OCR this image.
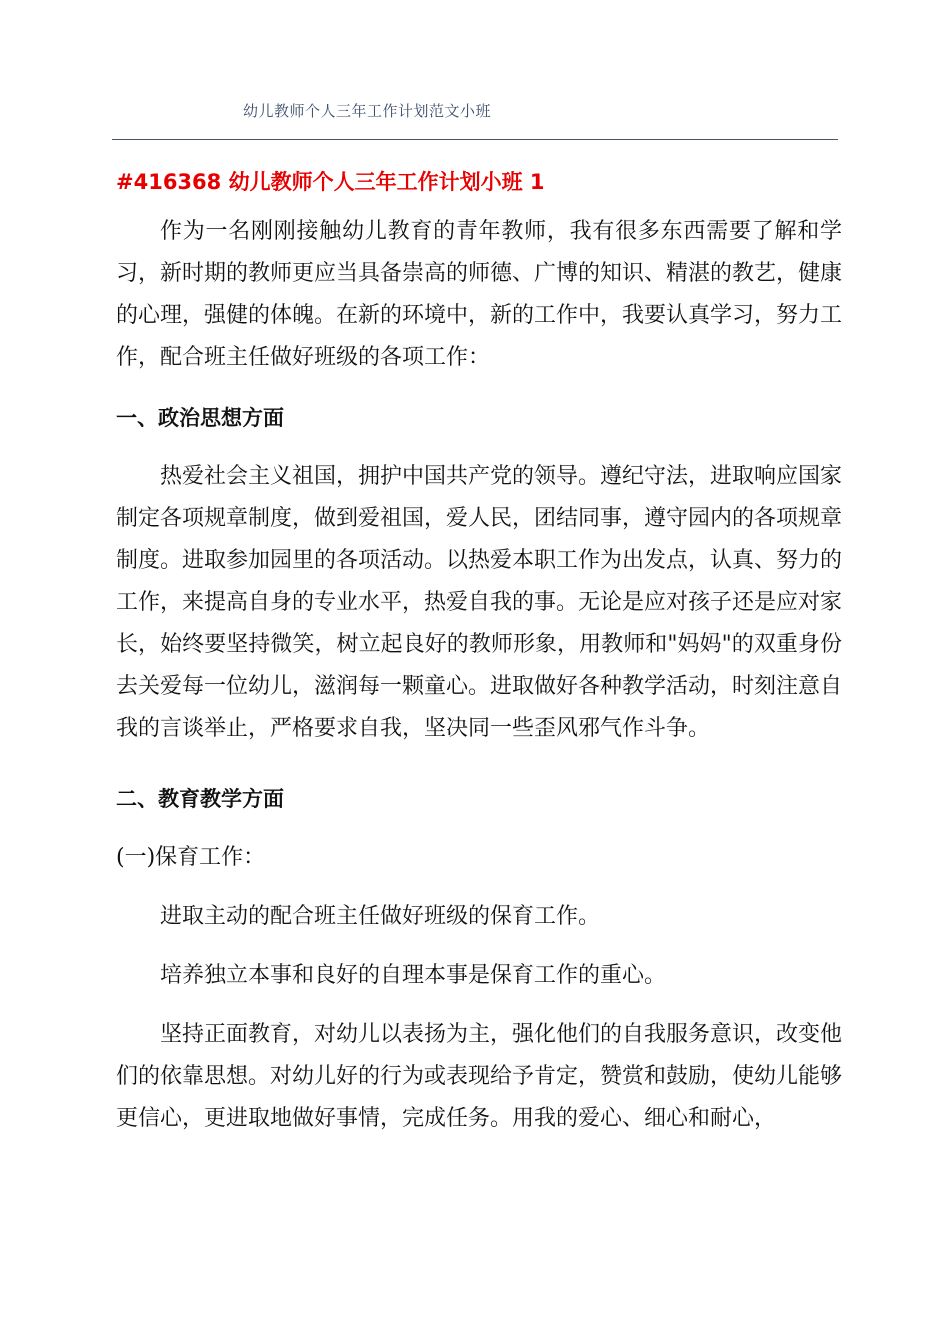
幼儿教师个人三年工作计划范文小班
#416368 幼儿教师个人三年工作计划小班 1

作为一名刚刚接触幼儿教育的青年教师，我有很多东西需要了解和学习，新时期的教师更应当具备崇高的师德、广博的知识、精湛的教艺，健康的心理，强健的体魄。在新的环境中，新的工作中，我要认真学习，努力工作，配合班主任做好班级的各项工作：

一、政治思想方面

热爱社会主义祖国，拥护中国共产党的领导。遵纪守法，进取响应国家制定各项规章制度，做到爱祖国，爱人民，团结同事，遵守园内的各项规章制度。进取参加园里的各项活动。以热爱本职工作为出发点，认真、努力的工作，来提高自身的专业水平，热爱自我的事。无论是应对孩子还是应对家长，始终要坚持微笑，树立起良好的教师形象，用教师和"妈妈"的双重身份去关爱每一位幼儿，滋润每一颗童心。进取做好各种教学活动，时刻注意自我的言谈举止，严格要求自我，坚决同一些歪风邪气作斗争。

二、教育教学方面

(一)保育工作：

进取主动的配合班主任做好班级的保育工作。

培养独立本事和良好的自理本事是保育工作的重心。

坚持正面教育，对幼儿以表扬为主，强化他们的自我服务意识，改变他们的依靠思想。对幼儿好的行为或表现给予肯定，赞赏和鼓励，使幼儿能够更信心，更进取地做好事情，完成任务。用我的爱心、细心和耐心，
